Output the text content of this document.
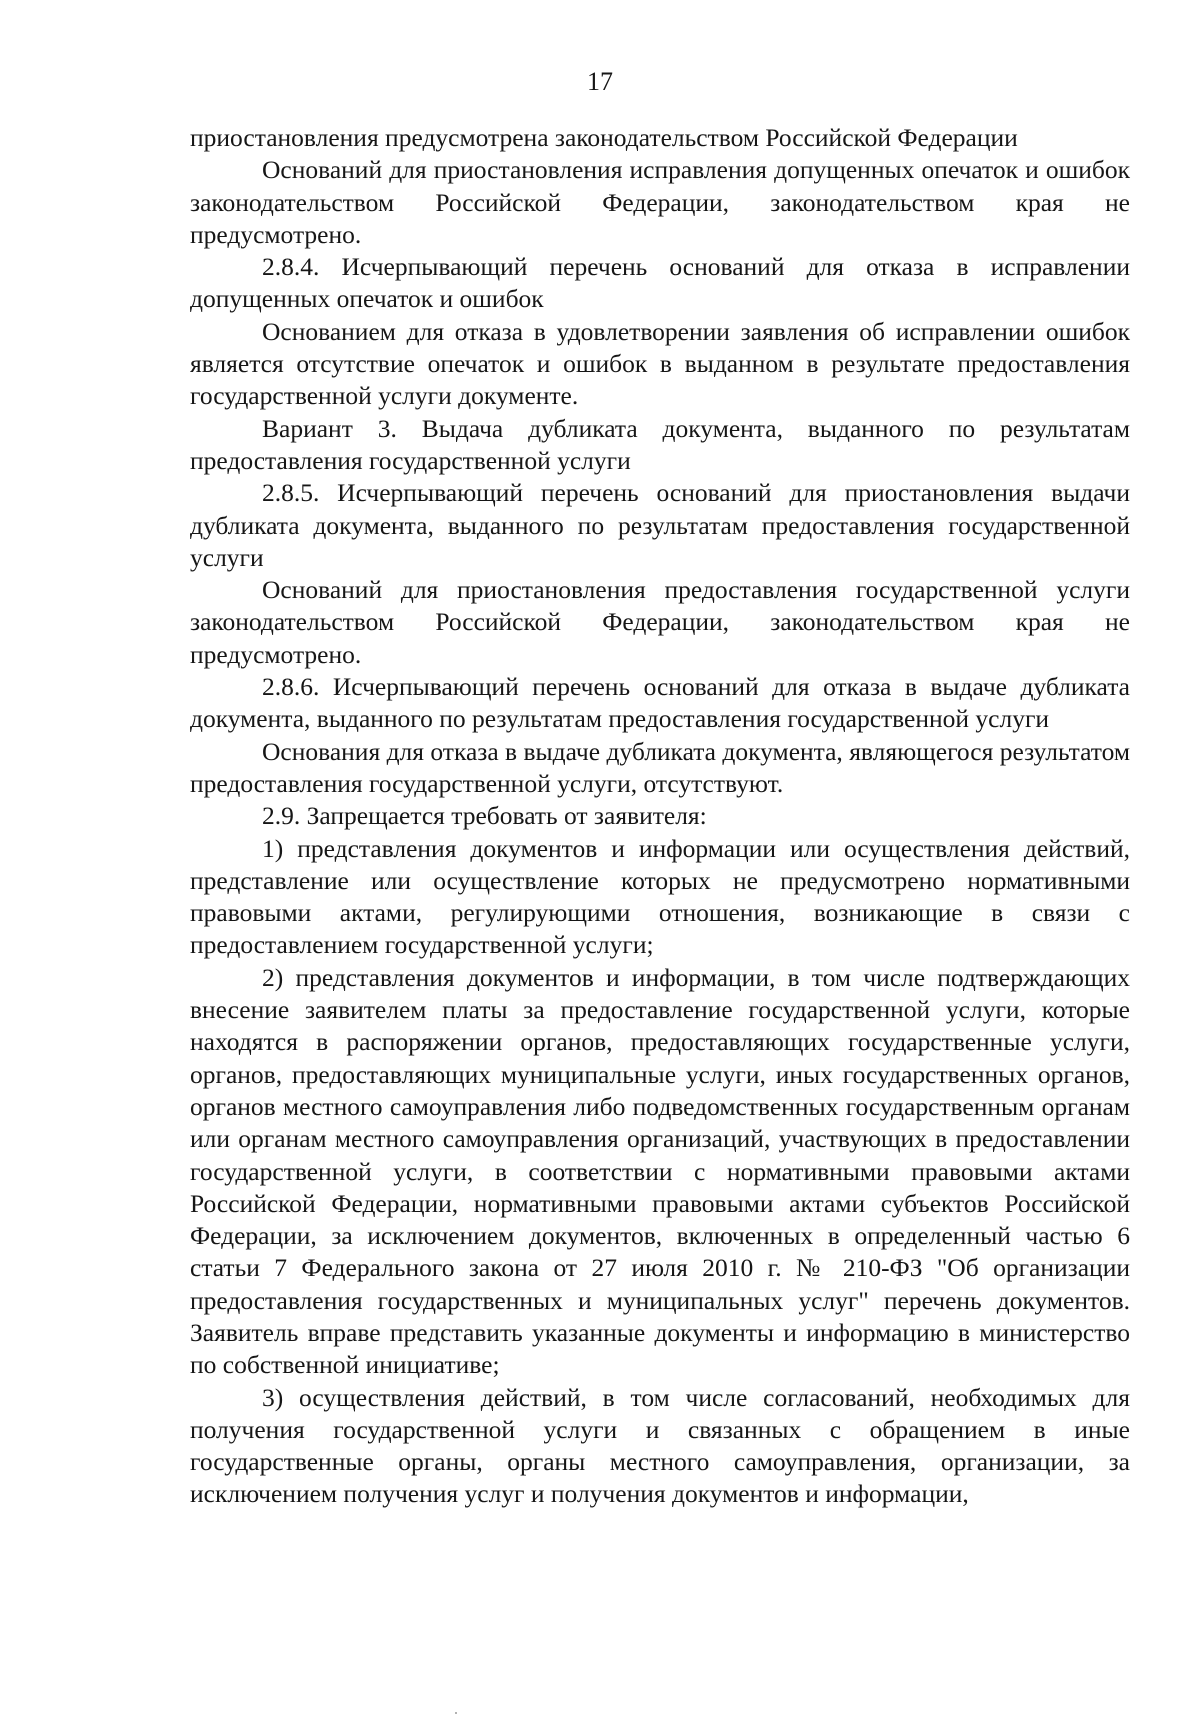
17

приостановления предусмотрена законодательством Российской Федерации

Оснований для приостановления исправления допущенных опечаток и ошибок законодательством Российской Федерации, законодательством края не предусмотрено.

2.8.4. Исчерпывающий перечень оснований для отказа в исправлении допущенных опечаток и ошибок

Основанием для отказа в удовлетворении заявления об исправлении ошибок является отсутствие опечаток и ошибок в выданном в результате предоставления государственной услуги документе.

Вариант 3. Выдача дубликата документа, выданного по результатам предоставления государственной услуги

2.8.5. Исчерпывающий перечень оснований для приостановления выдачи дубликата документа, выданного по результатам предоставления государственной услуги

Оснований для приостановления предоставления государственной услуги законодательством Российской Федерации, законодательством края не предусмотрено.

2.8.6. Исчерпывающий перечень оснований для отказа в выдаче дубликата документа, выданного по результатам предоставления государственной услуги

Основания для отказа в выдаче дубликата документа, являющегося результатом предоставления государственной услуги, отсутствуют.

2.9. Запрещается требовать от заявителя:

1) представления документов и информации или осуществления действий, представление или осуществление которых не предусмотрено нормативными правовыми актами, регулирующими отношения, возникающие в связи с предоставлением государственной услуги;

2) представления документов и информации, в том числе подтверждающих внесение заявителем платы за предоставление государственной услуги, которые находятся в распоряжении органов, предоставляющих государственные услуги, органов, предоставляющих муниципальные услуги, иных государственных органов, органов местного самоуправления либо подведомственных государственным органам или органам местного самоуправления организаций, участвующих в предоставлении государственной услуги, в соответствии с нормативными правовыми актами Российской Федерации, нормативными правовыми актами субъектов Российской Федерации, за исключением документов, включенных в определенный частью 6 статьи 7 Федерального закона от 27 июля 2010 г. № 210-ФЗ "Об организации предоставления государственных и муниципальных услуг" перечень документов. Заявитель вправе представить указанные документы и информацию в министерство по собственной инициативе;

3) осуществления действий, в том числе согласований, необходимых для получения государственной услуги и связанных с обращением в иные государственные органы, органы местного самоуправления, организации, за исключением получения услуг и получения документов и информации,
